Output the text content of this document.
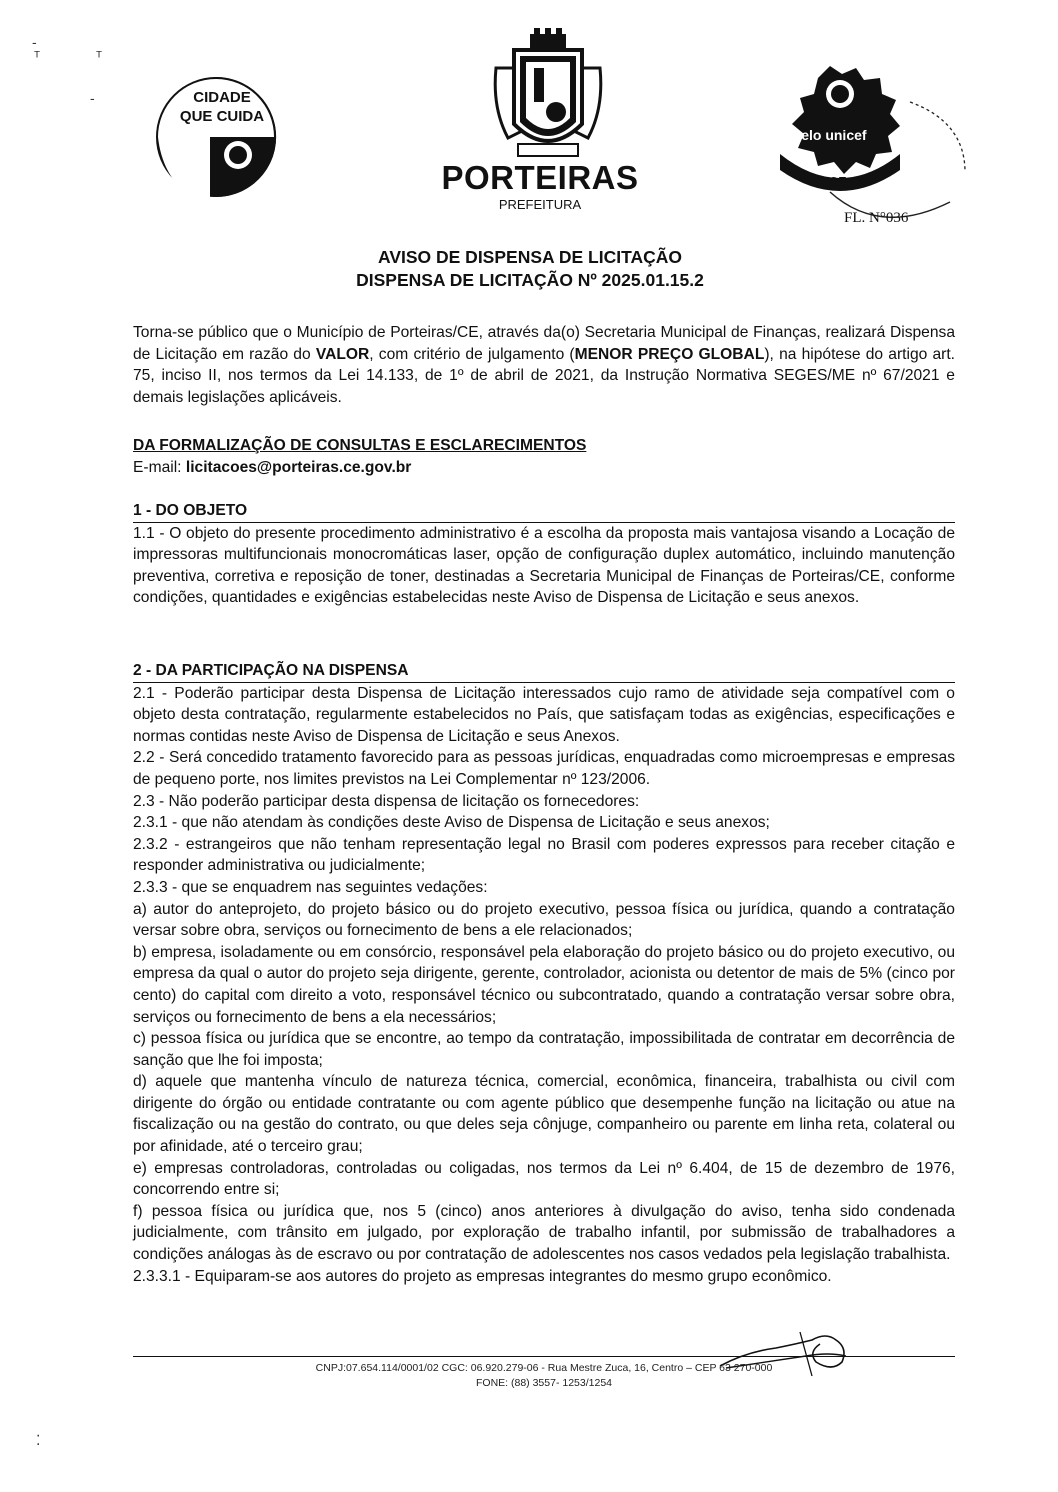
CIDADE
QUE CUIDA
PORTEIRAS
PREFEITURA
selo unicef
25
FL. N°036
-
ᵀ	ᵀ
-
AVISO DE DISPENSA DE LICITAÇÃO
DISPENSA DE LICITAÇÃO Nº 2025.01.15.2

Torna-se público que o Município de Porteiras/CE, através da(o) Secretaria Municipal de Finanças, realizará Dispensa de Licitação em razão do VALOR, com critério de julgamento (MENOR PREÇO GLOBAL), na hipótese do artigo art. 75, inciso II, nos termos da Lei 14.133, de 1º de abril de 2021, da Instrução Normativa SEGES/ME nº 67/2021 e demais legislações aplicáveis.

DA FORMALIZAÇÃO DE CONSULTAS E ESCLARECIMENTOS
E-mail: licitacoes@porteiras.ce.gov.br
1 - DO OBJETO

1.1 - O objeto do presente procedimento administrativo é a escolha da proposta mais vantajosa visando a Locação de impressoras multifuncionais monocromáticas laser, opção de configuração duplex automático, incluindo manutenção preventiva, corretiva e reposição de toner, destinadas a Secretaria Municipal de Finanças de Porteiras/CE, conforme condições, quantidades e exigências estabelecidas neste Aviso de Dispensa de Licitação e seus anexos.

2 - DA PARTICIPAÇÃO NA DISPENSA

2.1 - Poderão participar desta Dispensa de Licitação interessados cujo ramo de atividade seja compatível com o objeto desta contratação, regularmente estabelecidos no País, que satisfaçam todas as exigências, especificações e normas contidas neste Aviso de Dispensa de Licitação e seus Anexos.

2.2 - Será concedido tratamento favorecido para as pessoas jurídicas, enquadradas como microempresas e empresas de pequeno porte, nos limites previstos na Lei Complementar nº 123/2006.

2.3 - Não poderão participar desta dispensa de licitação os fornecedores:

2.3.1 - que não atendam às condições deste Aviso de Dispensa de Licitação e seus anexos;

2.3.2 - estrangeiros que não tenham representação legal no Brasil com poderes expressos para receber citação e responder administrativa ou judicialmente;

2.3.3 - que se enquadrem nas seguintes vedações:

a) autor do anteprojeto, do projeto básico ou do projeto executivo, pessoa física ou jurídica, quando a contratação versar sobre obra, serviços ou fornecimento de bens a ele relacionados;

b) empresa, isoladamente ou em consórcio, responsável pela elaboração do projeto básico ou do projeto executivo, ou empresa da qual o autor do projeto seja dirigente, gerente, controlador, acionista ou detentor de mais de 5% (cinco por cento) do capital com direito a voto, responsável técnico ou subcontratado, quando a contratação versar sobre obra, serviços ou fornecimento de bens a ela necessários;

c) pessoa física ou jurídica que se encontre, ao tempo da contratação, impossibilitada de contratar em decorrência de sanção que lhe foi imposta;

d) aquele que mantenha vínculo de natureza técnica, comercial, econômica, financeira, trabalhista ou civil com dirigente do órgão ou entidade contratante ou com agente público que desempenhe função na licitação ou atue na fiscalização ou na gestão do contrato, ou que deles seja cônjuge, companheiro ou parente em linha reta, colateral ou por afinidade, até o terceiro grau;

e) empresas controladoras, controladas ou coligadas, nos termos da Lei nº 6.404, de 15 de dezembro de 1976, concorrendo entre si;

f) pessoa física ou jurídica que, nos 5 (cinco) anos anteriores à divulgação do aviso, tenha sido condenada judicialmente, com trânsito em julgado, por exploração de trabalho infantil, por submissão de trabalhadores a condições análogas às de escravo ou por contratação de adolescentes nos casos vedados pela legislação trabalhista.

2.3.3.1 - Equiparam-se aos autores do projeto as empresas integrantes do mesmo grupo econômico.

CNPJ:07.654.114/0001/02 CGC: 06.920.279-06 - Rua Mestre Zuca, 16, Centro – CEP 63 270-000
FONE: (88) 3557- 1253/1254
⁚
